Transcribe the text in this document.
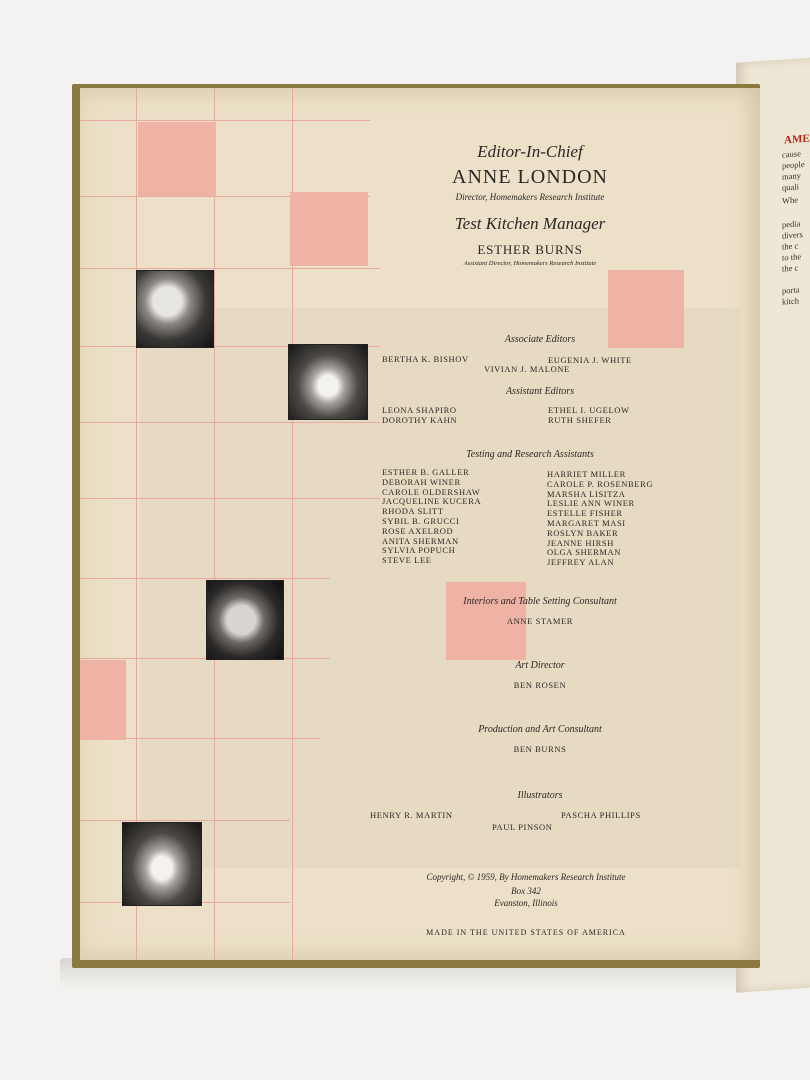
AME
cause
people
many
quali
Whe
pedia
divers
the c
to the
the c
porta
kitch
Editor-In-Chief
ANNE LONDON
Director, Homemakers Research Institute
Test Kitchen Manager
ESTHER BURNS
Assistant Director, Homemakers Research Institute
Associate Editors
BERTHA K. BISHOV	EUGENIA J. WHITE
VIVIAN J. MALONE
Assistant Editors
LEONA SHAPIRO
DOROTHY KAHN
ETHEL I. UGELOW
RUTH SHEFER
Testing and Research Assistants
ESTHER B. GALLER
DEBORAH WINER
CAROLE OLDERSHAW
JACQUELINE KUCERA
RHODA SLITT
SYBIL B. GRUCCI
ROSE AXELROD
ANITA SHERMAN
SYLVIA POPUCH
STEVE LEE
HARRIET MILLER
CAROLE P. ROSENBERG
MARSHA LISITZA
LESLIE ANN WINER
ESTELLE FISHER
MARGARET MASI
ROSLYN BAKER
JEANNE HIRSH
OLGA SHERMAN
JEFFREY ALAN
Interiors and Table Setting Consultant
ANNE STAMER
Art Director
BEN ROSEN
Production and Art Consultant
BEN BURNS
Illustrators
HENRY R. MARTIN	PASCHA PHILLIPS
PAUL PINSON
Copyright, © 1959, By Homemakers Research Institute
Box 342
Evanston, Illinois
MADE IN THE UNITED STATES OF AMERICA
